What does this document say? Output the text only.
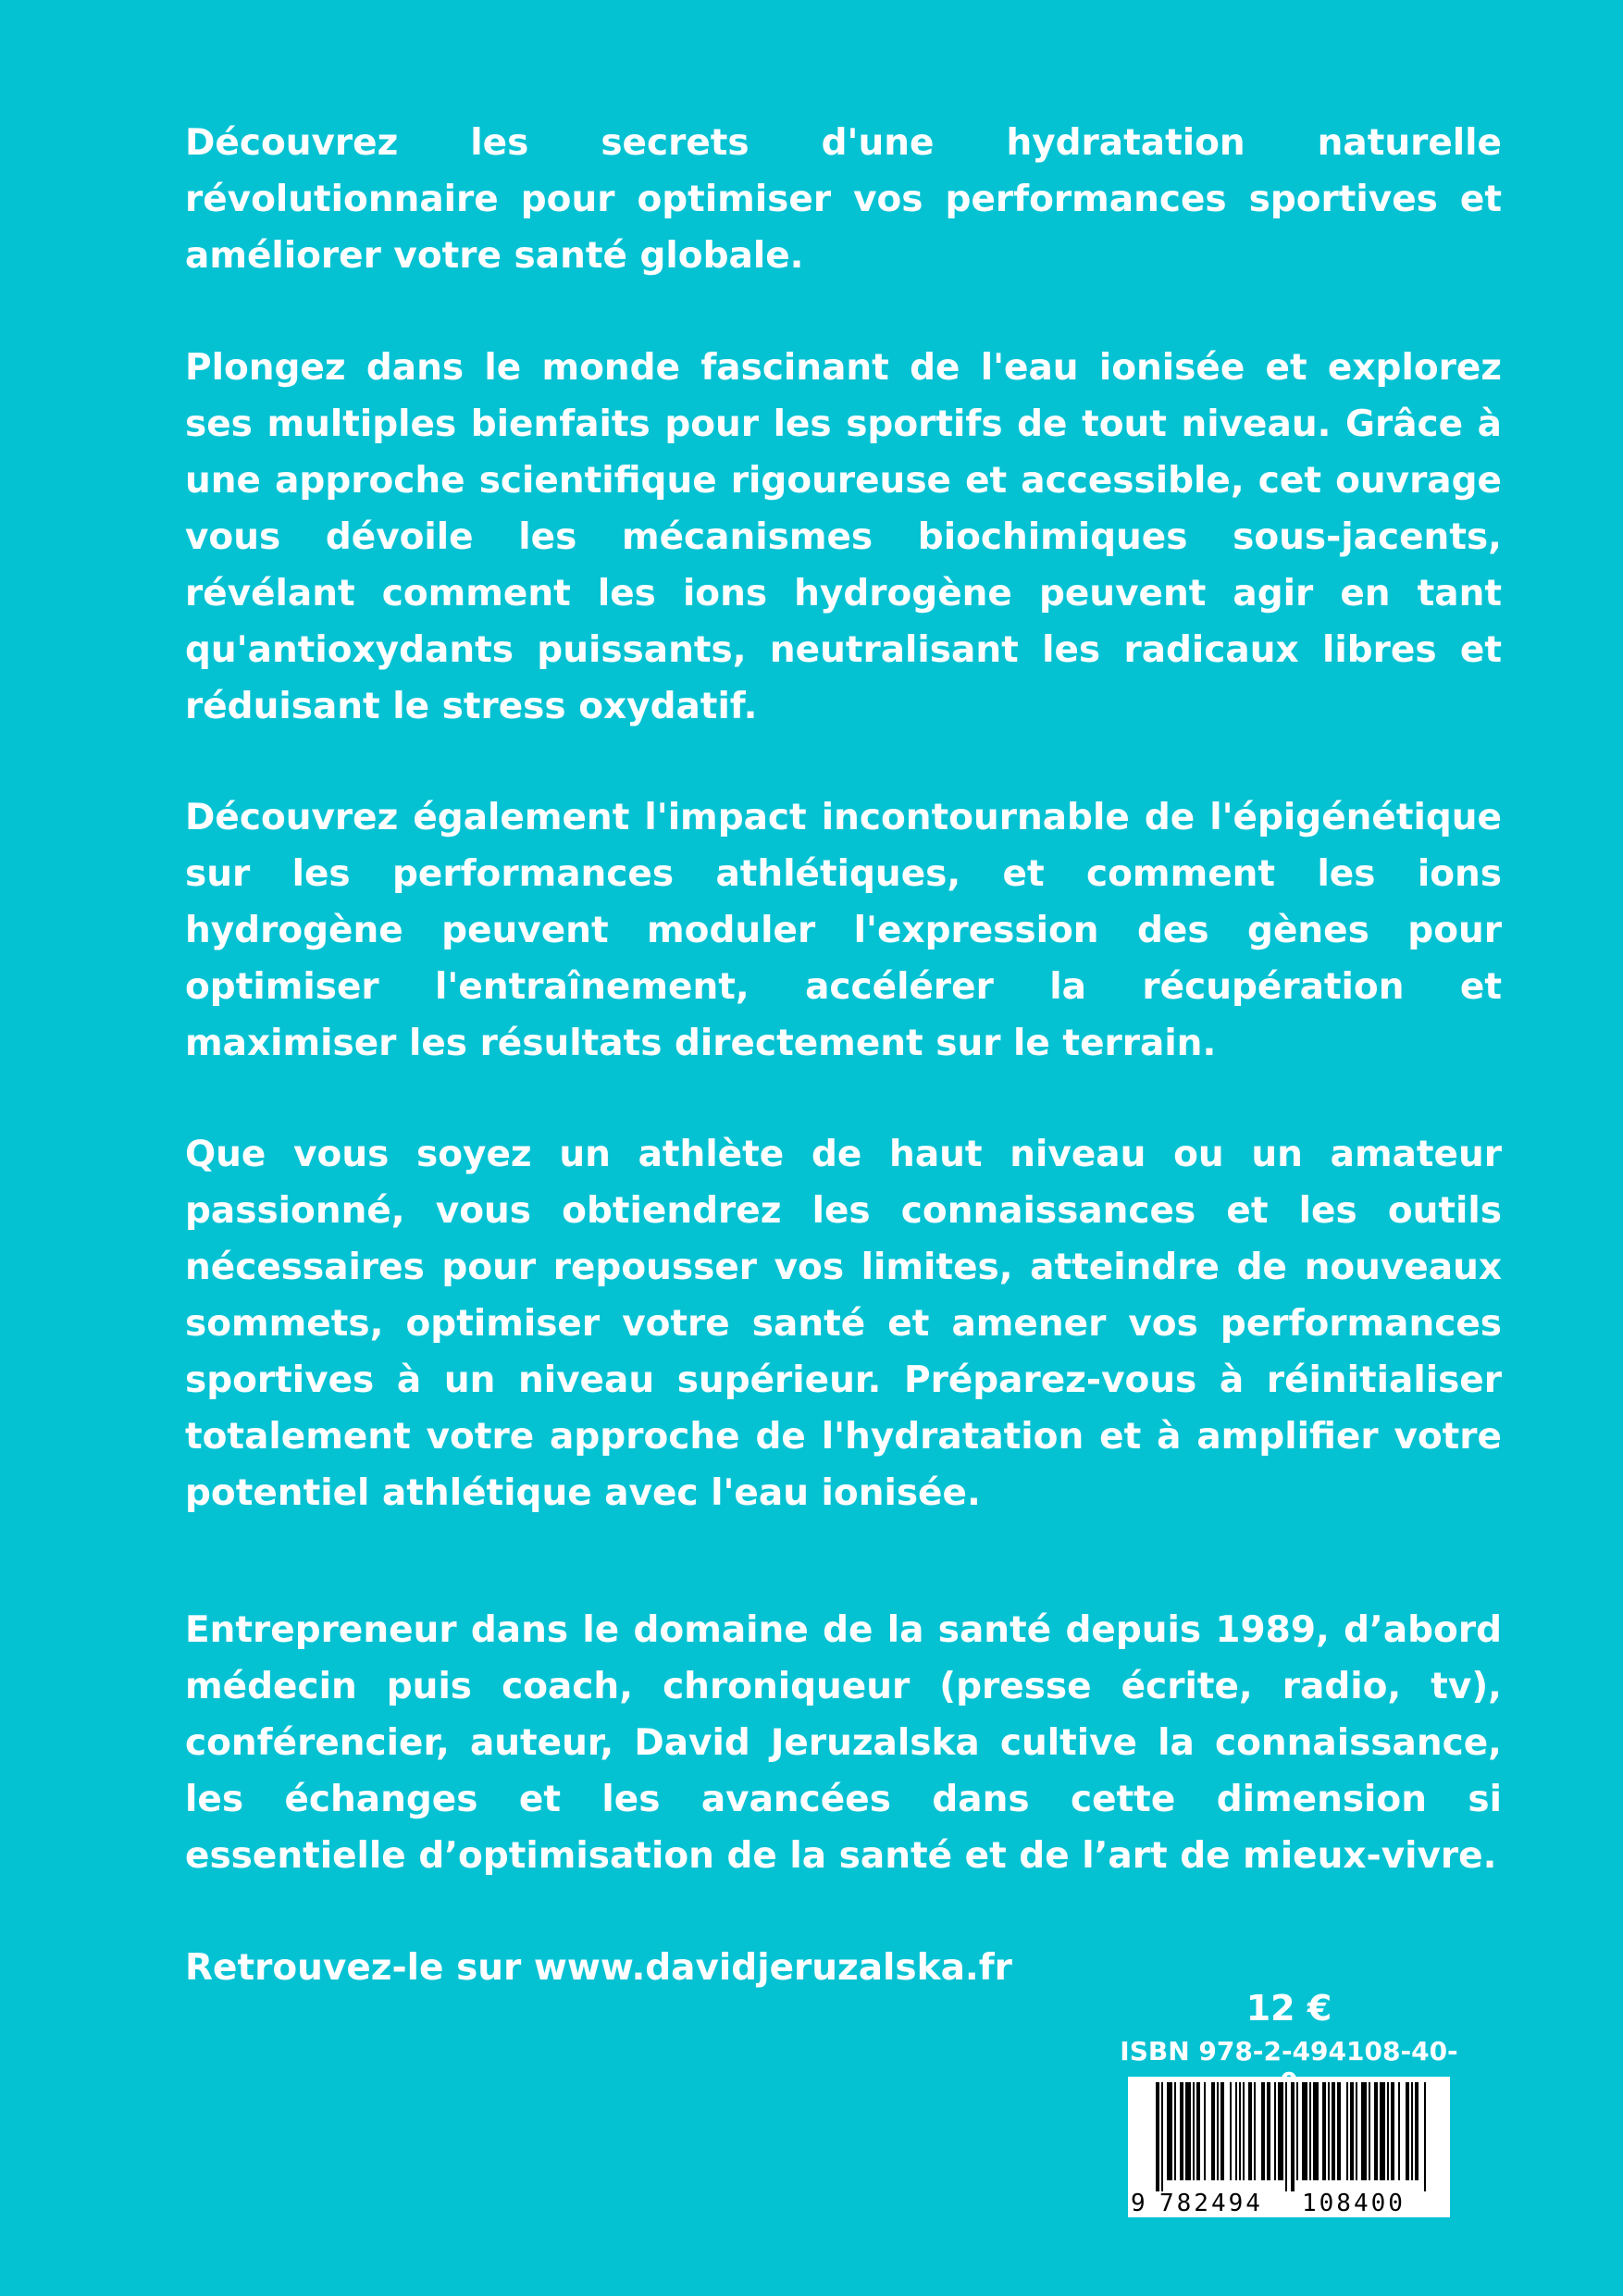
Découvrez les secrets d'une hydratation naturelle révolutionnaire pour optimiser vos performances sportives et améliorer votre santé globale.

Plongez dans le monde fascinant de l'eau ionisée et explorez ses multiples bienfaits pour les sportifs de tout niveau. Grâce à une approche scientifique rigoureuse et accessible, cet ouvrage vous dévoile les mécanismes biochimiques sous-jacents, révélant comment les ions hydrogène peuvent agir en tant qu'antioxydants puissants, neutralisant les radicaux libres et réduisant le stress oxydatif.

Découvrez également l'impact incontournable de l'épigénétique sur les performances athlétiques, et comment les ions hydrogène peuvent moduler l'expression des gènes pour optimiser l'entraînement, accélérer la récupération et maximiser les résultats directement sur le terrain.

Que vous soyez un athlète de haut niveau ou un amateur passionné, vous obtiendrez les connaissances et les outils nécessaires pour repousser vos limites, atteindre de nouveaux sommets, optimiser votre santé et amener vos performances sportives à un niveau supérieur. Préparez-vous à réinitialiser totalement votre approche de l'hydratation et à amplifier votre potentiel athlétique avec l'eau ionisée.

Entrepreneur dans le domaine de la santé depuis 1989, d’abord médecin puis coach, chroniqueur (presse écrite, radio, tv), conférencier, auteur, David Jeruzalska cultive la connaissance, les échanges et les avancées dans cette dimension si essentielle d’optimisation de la santé et de l’art de mieux-vivre.

Retrouvez-le sur www.davidjeruzalska.fr

12 €
ISBN 978-2-494108-40-
9 782494 108400
